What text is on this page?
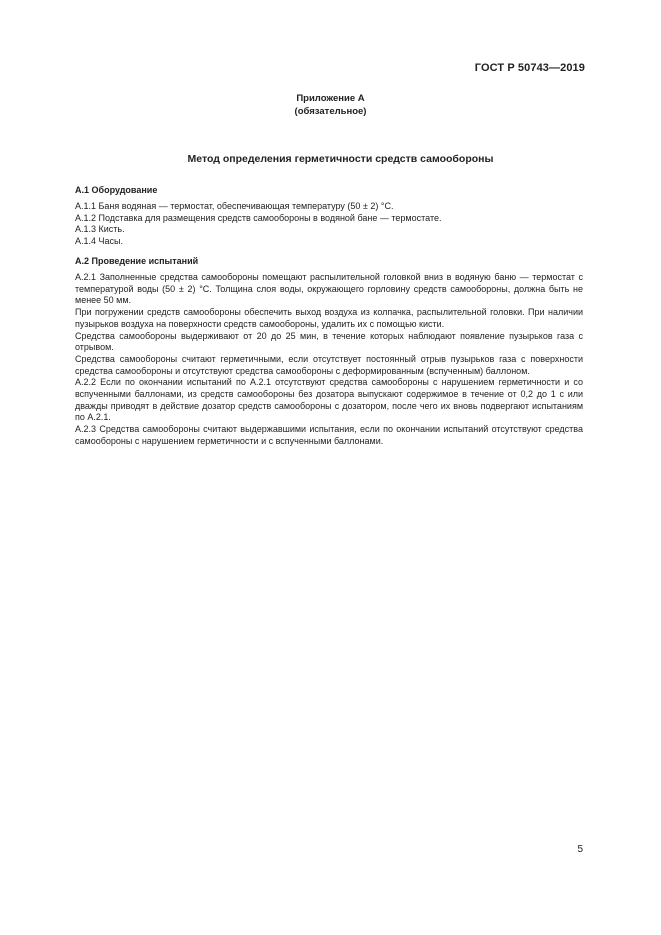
ГОСТ Р 50743—2019
Приложение А
(обязательное)
Метод определения герметичности средств самообороны
А.1 Оборудование

А.1.1 Баня водяная — термостат, обеспечивающая температуру (50 ± 2) °С.

А.1.2 Подставка для размещения средств самообороны в водяной бане — термостате.

А.1.3 Кисть.

А.1.4 Часы.

А.2 Проведение испытаний

А.2.1 Заполненные средства самообороны помещают распылительной головкой вниз в водяную баню — термостат с температурой воды (50 ± 2) °С. Толщина слоя воды, окружающего горловину средств самообороны, должна быть не менее 50 мм.

При погружении средств самообороны обеспечить выход воздуха из колпачка, распылительной головки. При наличии пузырьков воздуха на поверхности средств самообороны, удалить их с помощью кисти.

Средства самообороны выдерживают от 20 до 25 мин, в течение которых наблюдают появление пузырьков газа с отрывом.

Средства самообороны считают герметичными, если отсутствует постоянный отрыв пузырьков газа с поверхности средства самообороны и отсутствуют средства самообороны с деформированным (вспученным) баллоном.

А.2.2 Если по окончании испытаний по А.2.1 отсутствуют средства самообороны с нарушением герметичности и со вспученными баллонами, из средств самообороны без дозатора выпускают содержимое в течение от 0,2 до 1 с или дважды приводят в действие дозатор средств самообороны с дозатором, после чего их вновь подвергают испытаниям по А.2.1.

А.2.3 Средства самообороны считают выдержавшими испытания, если по окончании испытаний отсутствуют средства самообороны с нарушением герметичности и с вспученными баллонами.

5
